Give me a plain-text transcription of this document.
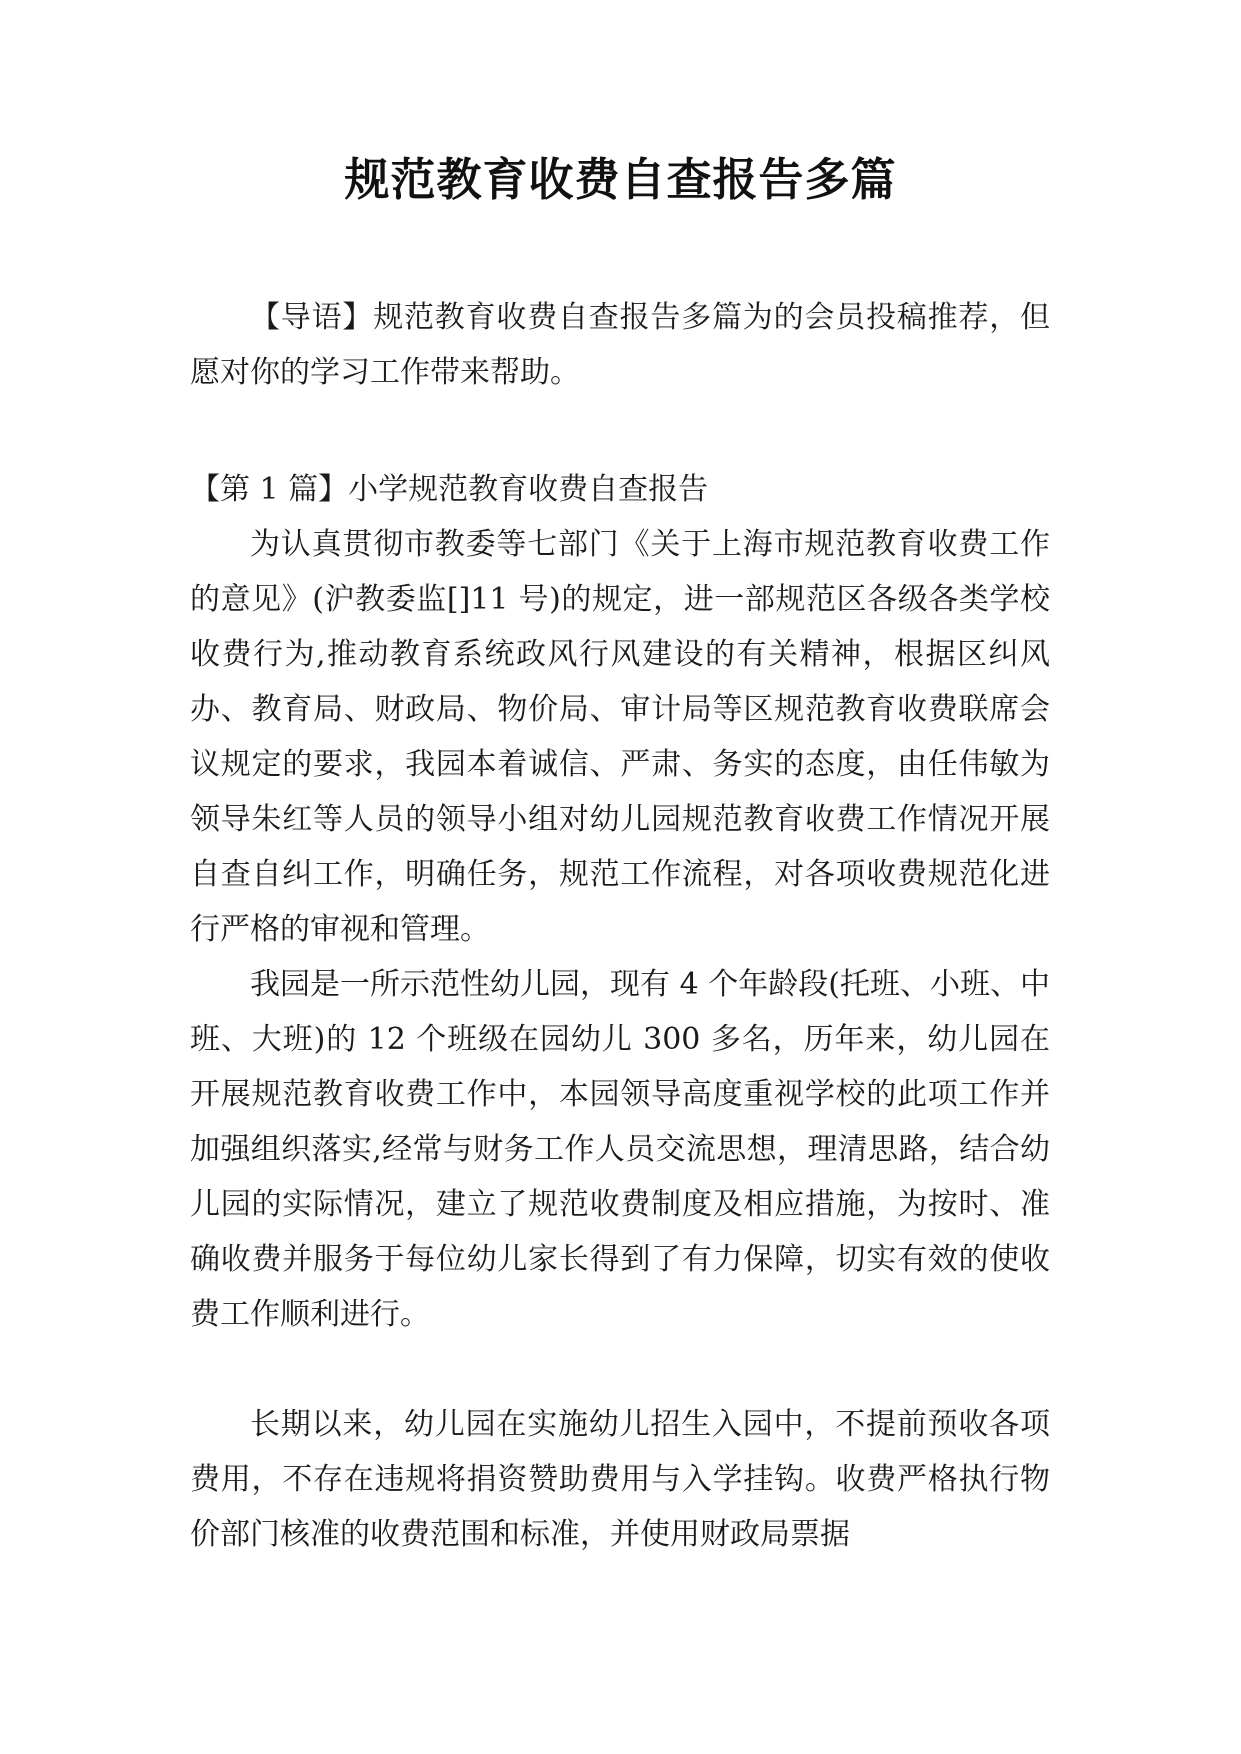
规范教育收费自查报告多篇

【导语】规范教育收费自查报告多篇为的会员投稿推荐，但愿对你的学习工作带来帮助。

【第 1 篇】小学规范教育收费自查报告

为认真贯彻市教委等七部门《关于上海市规范教育收费工作的意见》(沪教委监[]11 号)的规定，进一部规范区各级各类学校收费行为,推动教育系统政风行风建设的有关精神，根据区纠风办、教育局、财政局、物价局、审计局等区规范教育收费联席会议规定的要求，我园本着诚信、严肃、务实的态度，由任伟敏为领导朱红等人员的领导小组对幼儿园规范教育收费工作情况开展自查自纠工作，明确任务，规范工作流程，对各项收费规范化进行严格的审视和管理。

我园是一所示范性幼儿园，现有 4 个年龄段(托班、小班、中班、大班)的 12 个班级在园幼儿 300 多名，历年来，幼儿园在开展规范教育收费工作中，本园领导高度重视学校的此项工作并加强组织落实,经常与财务工作人员交流思想，理清思路，结合幼儿园的实际情况，建立了规范收费制度及相应措施，为按时、准确收费并服务于每位幼儿家长得到了有力保障，切实有效的使收费工作顺利进行。

长期以来，幼儿园在实施幼儿招生入园中，不提前预收各项费用，不存在违规将捐资赞助费用与入学挂钩。收费严格执行物价部门核准的收费范围和标准，并使用财政局票据
